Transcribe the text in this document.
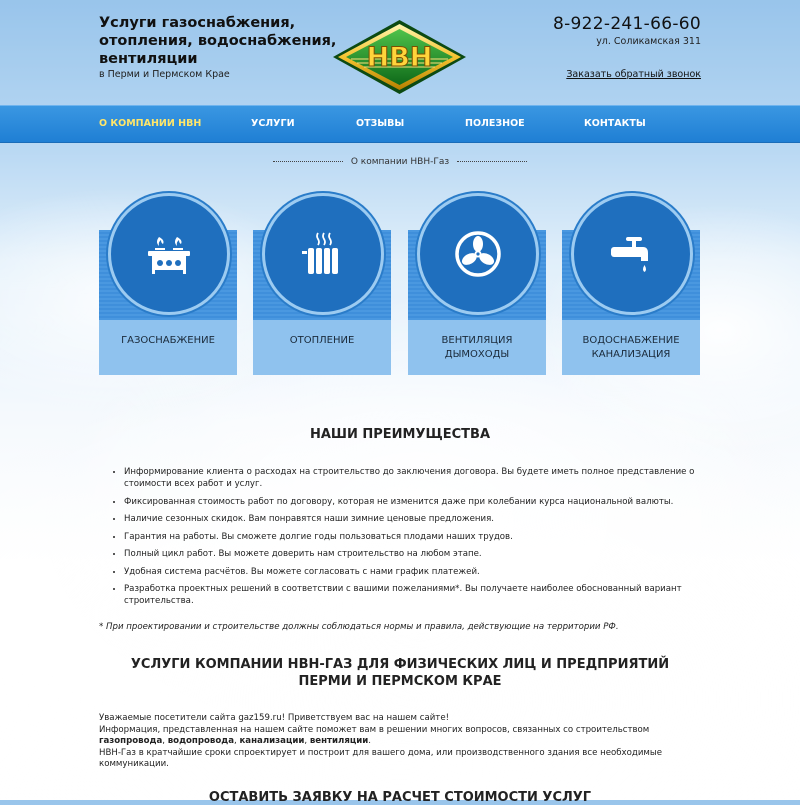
Услуги газоснабжения, отопления, водоснабжения, вентиляции
в Перми и Пермском Крае
НВН
8-922-241-66-60
ул. Соликамская 311
Заказать обратный звонок
О КОМПАНИИ НВН	УСЛУГИ	ОТЗЫВЫ	ПОЛЕЗНОЕ	КОНТАКТЫ
О компании НВН-Газ
ГАЗОСНАБЖЕНИЕ	ОТОПЛЕНИЕ	ВЕНТИЛЯЦИЯ
ДЫМОХОДЫ
ВОДОСНАБЖЕНИЕ
КАНАЛИЗАЦИЯ
НАШИ ПРЕИМУЩЕСТВА
• Информирование клиента о расходах на строительство до заключения договора. Вы будете иметь полное представление о стоимости всех работ и услуг.
• Фиксированная стоимость работ по договору, которая не изменится даже при колебании курса национальной валюты.
• Наличие сезонных скидок. Вам понравятся наши зимние ценовые предложения.
• Гарантия на работы. Вы сможете долгие годы пользоваться плодами наших трудов.
• Полный цикл работ. Вы можете доверить нам строительство на любом этапе.
• Удобная система расчётов. Вы можете согласовать с нами график платежей.
• Разработка проектных решений в соответствии с вашими пожеланиями*. Вы получаете наиболее обоснованный вариант строительства.
* При проектировании и строительстве должны соблюдаться нормы и правила, действующие на территории РФ.
УСЛУГИ КОМПАНИИ НВН-ГАЗ ДЛЯ ФИЗИЧЕСКИХ ЛИЦ И ПРЕДПРИЯТИЙ
ПЕРМИ И ПЕРМСКОМ КРАЕ
Уважаемые посетители сайта gaz159.ru! Приветствуем вас на нашем сайте!
Информация, представленная на нашем сайте поможет вам в решении многих вопросов, связанных со строительством газопровода, водопровода, канализации, вентиляции.
НВН-Газ в кратчайшие сроки спроектирует и построит для вашего дома, или производственного здания все необходимые коммуникации.
ОСТАВИТЬ ЗАЯВКУ НА РАСЧЕТ СТОИМОСТИ УСЛУГ
